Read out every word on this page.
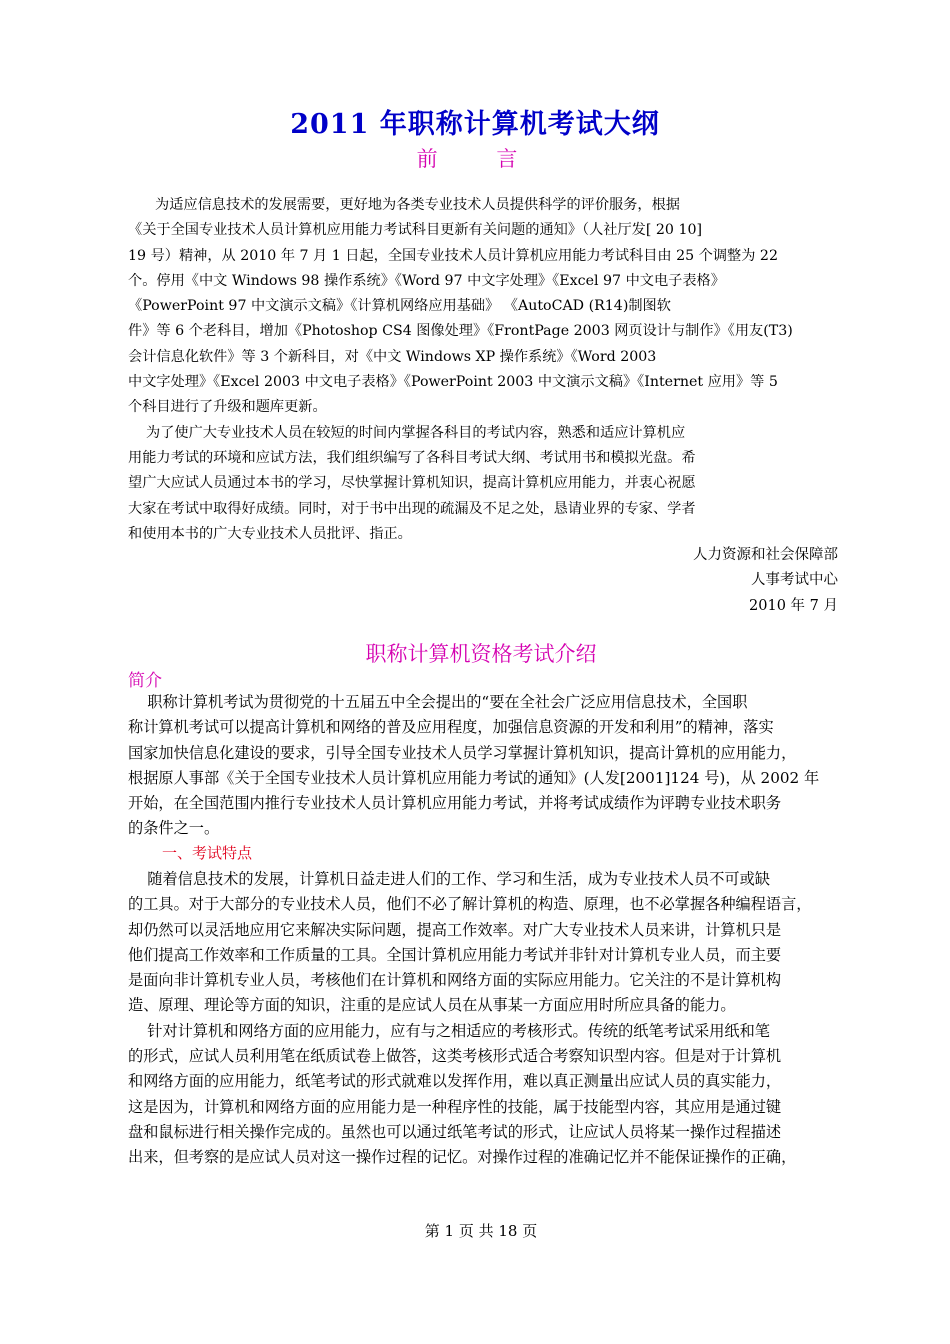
2011 年职称计算机考试大纲
前 言

为适应信息技术的发展需要，更好地为各类专业技术人员提供科学的评价服务，根据

《关于全国专业技术人员计算机应用能力考试科目更新有关问题的通知》（人社厅发[ 20 10]

19 号）精神，从 2010 年 7 月 1 日起，全国专业技术人员计算机应用能力考试科目由 25 个调整为 22

个。停用《中文 Windows 98 操作系统》《Word 97 中文字处理》《Excel 97 中文电子表格》

《PowerPoint 97 中文演示文稿》《计算机网络应用基础》 《AutoCAD (R14)制图软

件》等 6 个老科目，增加《Photoshop CS4 图像处理》《FrontPage 2003 网页设计与制作》《用友(T3)

会计信息化软件》等 3 个新科目，对《中文 Windows XP 操作系统》《Word 2003

中文字处理》《Excel 2003 中文电子表格》《PowerPoint 2003 中文演示文稿》《Internet 应用》等 5

个科目进行了升级和题库更新。

为了使广大专业技术人员在较短的时间内掌握各科目的考试内容，熟悉和适应计算机应

用能力考试的环境和应试方法，我们组织编写了各科目考试大纲、考试用书和模拟光盘。希

望广大应试人员通过本书的学习，尽快掌握计算机知识，提高计算机应用能力，并衷心祝愿

大家在考试中取得好成绩。同时，对于书中出现的疏漏及不足之处，恳请业界的专家、学者

和使用本书的广大专业技术人员批评、指正。

人力资源和社会保障部
人事考试中心
2010 年 7 月
职称计算机资格考试介绍
简介

职称计算机考试为贯彻党的十五届五中全会提出的“要在全社会广泛应用信息技术，全国职

称计算机考试可以提高计算机和网络的普及应用程度，加强信息资源的开发和利用”的精神，落实

国家加快信息化建设的要求，引导全国专业技术人员学习掌握计算机知识，提高计算机的应用能力，

根据原人事部《关于全国专业技术人员计算机应用能力考试的通知》(人发[2001]124 号)，从 2002 年

开始，在全国范围内推行专业技术人员计算机应用能力考试，并将考试成绩作为评聘专业技术职务

的条件之一。

一、考试特点

随着信息技术的发展，计算机日益走进人们的工作、学习和生活，成为专业技术人员不可或缺

的工具。对于大部分的专业技术人员，他们不必了解计算机的构造、原理，也不必掌握各种编程语言，

却仍然可以灵活地应用它来解决实际问题，提高工作效率。对广大专业技术人员来讲，计算机只是

他们提高工作效率和工作质量的工具。全国计算机应用能力考试并非针对计算机专业人员，而主要

是面向非计算机专业人员，考核他们在计算机和网络方面的实际应用能力。它关注的不是计算机构

造、原理、理论等方面的知识，注重的是应试人员在从事某一方面应用时所应具备的能力。

针对计算机和网络方面的应用能力，应有与之相适应的考核形式。传统的纸笔考试采用纸和笔

的形式，应试人员利用笔在纸质试卷上做答，这类考核形式适合考察知识型内容。但是对于计算机

和网络方面的应用能力，纸笔考试的形式就难以发挥作用，难以真正测量出应试人员的真实能力，

这是因为，计算机和网络方面的应用能力是一种程序性的技能，属于技能型内容，其应用是通过键

盘和鼠标进行相关操作完成的。虽然也可以通过纸笔考试的形式，让应试人员将某一操作过程描述

出来，但考察的是应试人员对这一操作过程的记忆。对操作过程的准确记忆并不能保证操作的正确，

第 1 页 共 18 页
